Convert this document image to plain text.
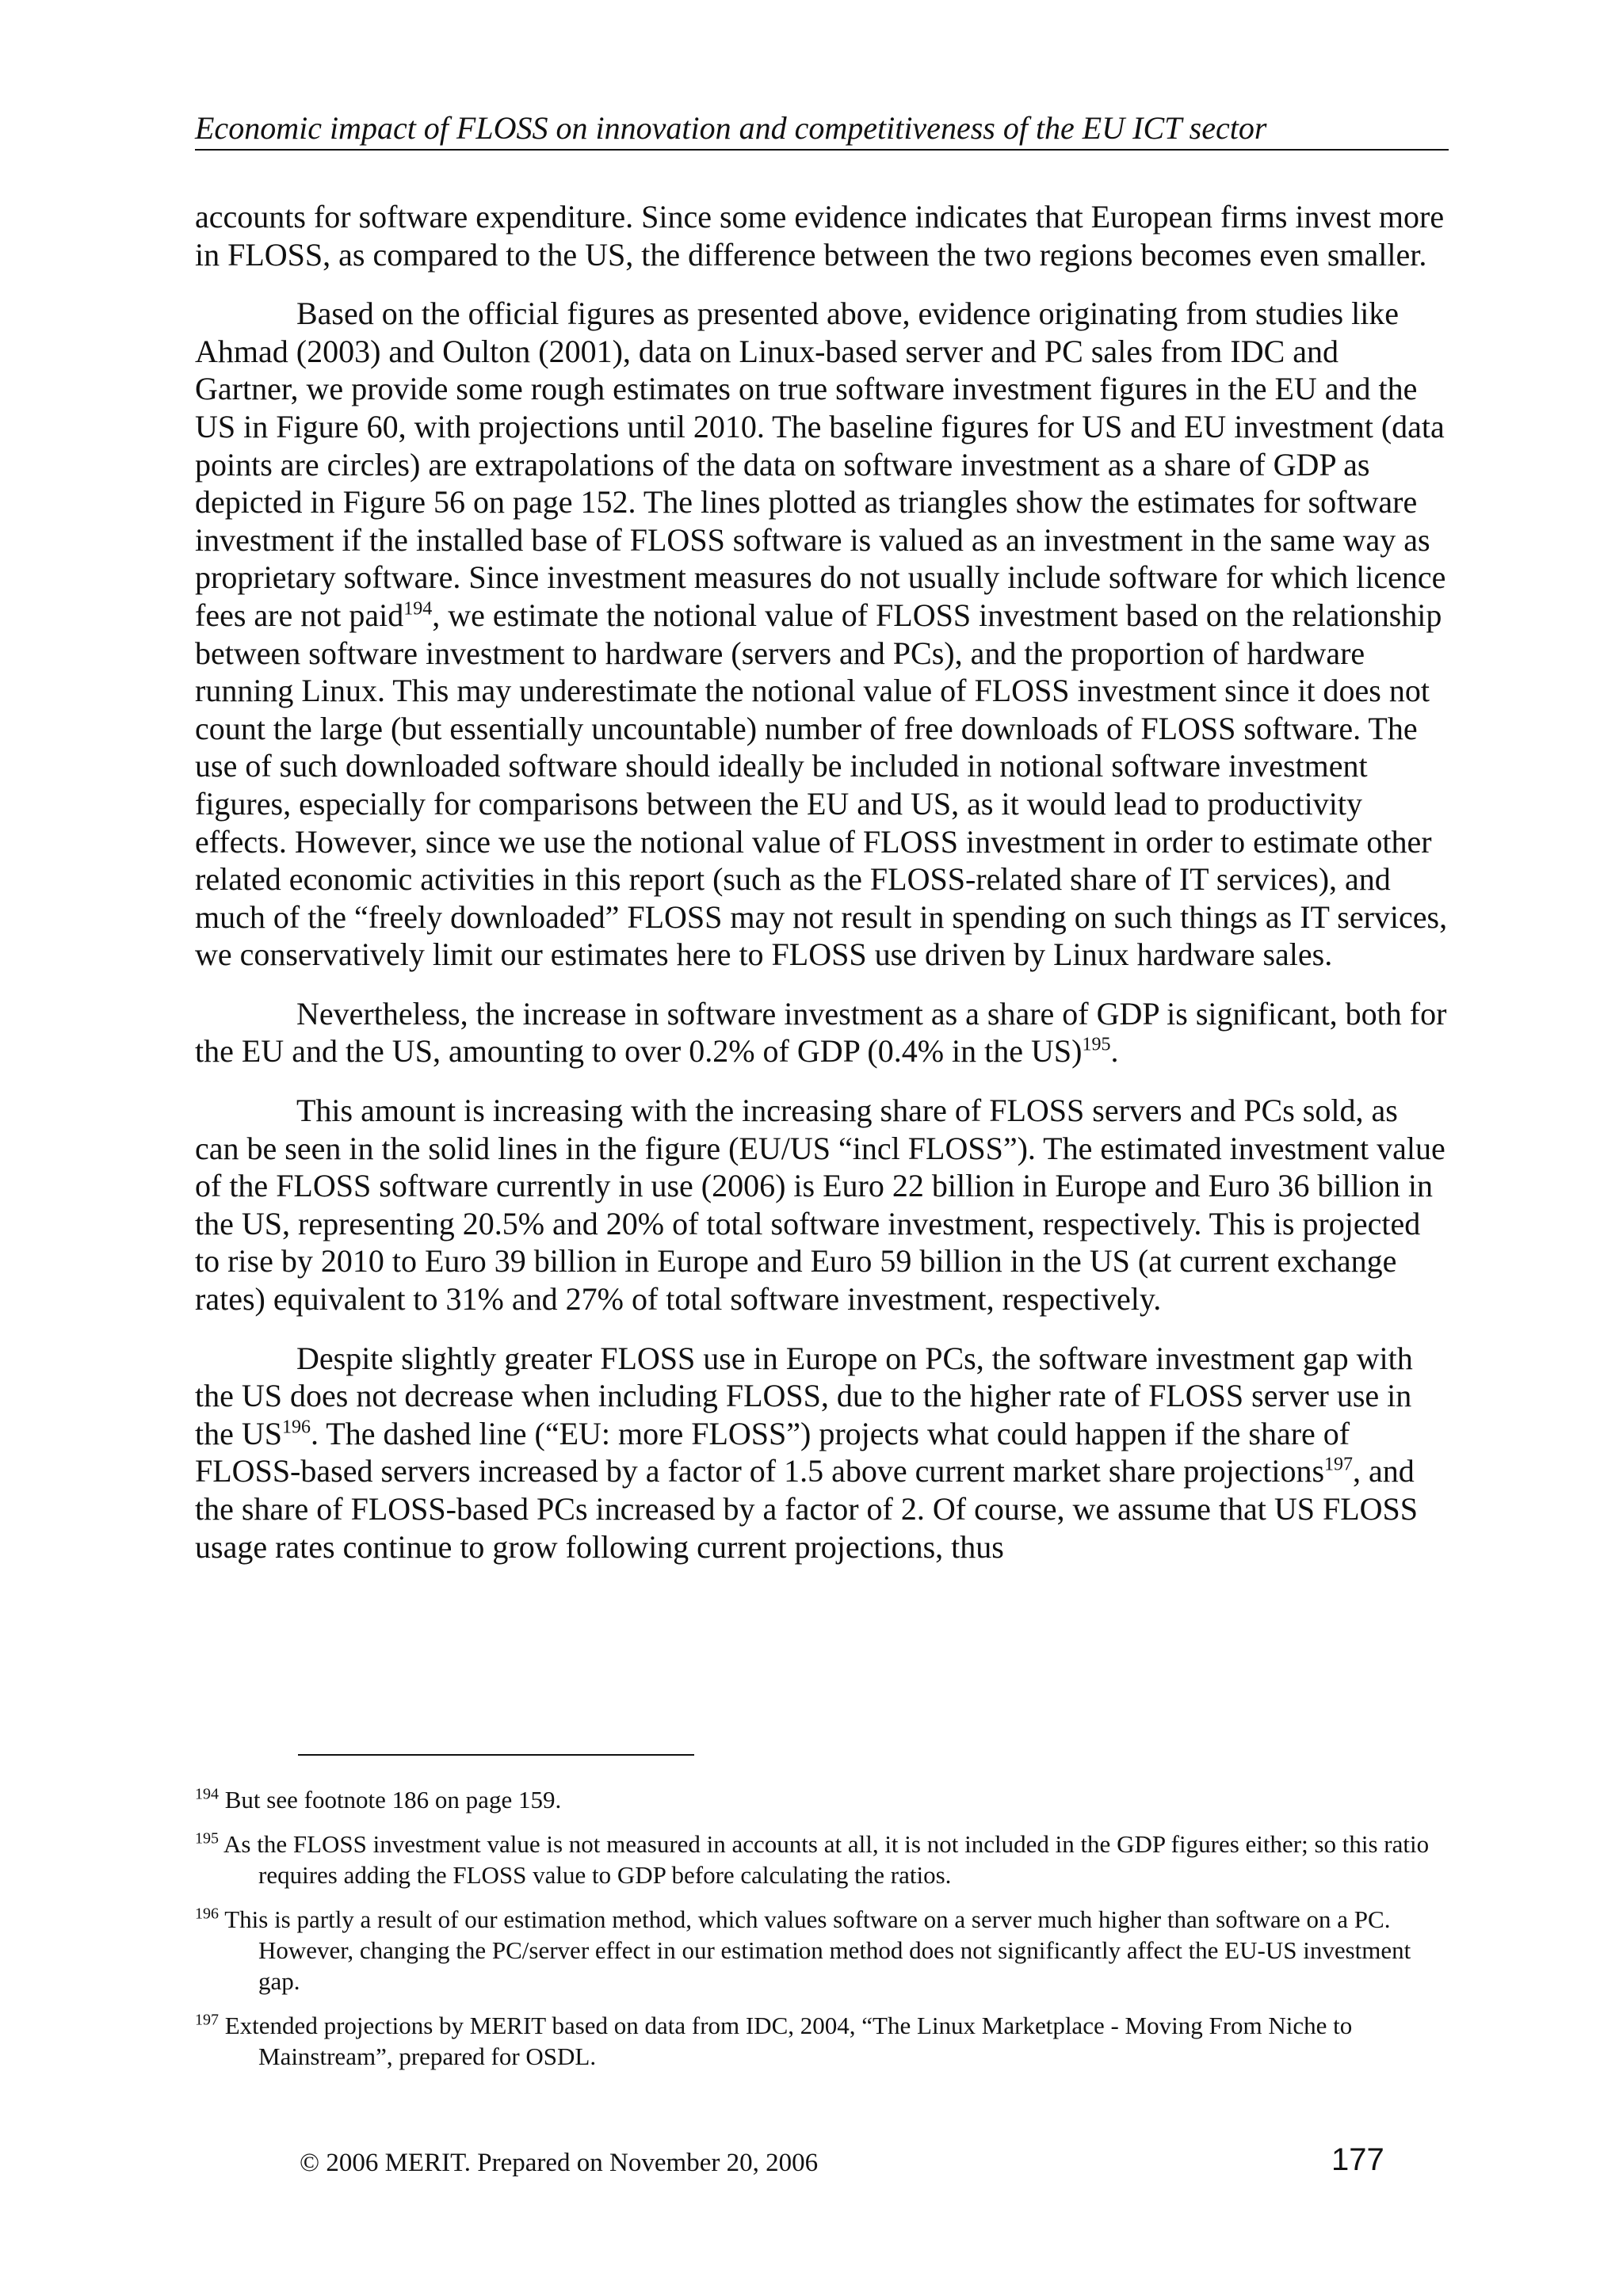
Economic impact of FLOSS on innovation and competitiveness of the EU ICT sector

accounts for software expenditure. Since some evidence indicates that European firms invest more in FLOSS, as compared to the US, the difference between the two regions becomes even smaller.

Based on the official figures as presented above, evidence originating from studies like Ahmad (2003) and Oulton (2001), data on Linux-based server and PC sales from IDC and Gartner, we provide some rough estimates on true software investment figures in the EU and the US in Figure 60, with projections until 2010. The baseline figures for US and EU investment (data points are circles) are extrapolations of the data on software investment as a share of GDP as depicted in Figure 56 on page 152. The lines plotted as triangles show the estimates for software investment if the installed base of FLOSS software is valued as an investment in the same way as proprietary software. Since investment measures do not usually include software for which licence fees are not paid$^{194}$, we estimate the notional value of FLOSS investment based on the relationship between software investment to hardware (servers and PCs), and the proportion of hardware running Linux. This may underestimate the notional value of FLOSS investment since it does not count the large (but essentially uncountable) number of free downloads of FLOSS software. The use of such downloaded software should ideally be included in notional software investment figures, especially for comparisons between the EU and US, as it would lead to productivity effects. However, since we use the notional value of FLOSS investment in order to estimate other related economic activities in this report (such as the FLOSS-related share of IT services), and much of the “freely downloaded” FLOSS may not result in spending on such things as IT services, we conservatively limit our estimates here to FLOSS use driven by Linux hardware sales.

Nevertheless, the increase in software investment as a share of GDP is significant, both for the EU and the US, amounting to over 0.2% of GDP (0.4% in the US)$^{195}$.

This amount is increasing with the increasing share of FLOSS servers and PCs sold, as can be seen in the solid lines in the figure (EU/US “incl FLOSS”). The estimated investment value of the FLOSS software currently in use (2006) is Euro 22 billion in Europe and Euro 36 billion in the US, representing 20.5% and 20% of total software investment, respectively. This is projected to rise by 2010 to Euro 39 billion in Europe and Euro 59 billion in the US (at current exchange rates) equivalent to 31% and 27% of total software investment, respectively.

Despite slightly greater FLOSS use in Europe on PCs, the software investment gap with the US does not decrease when including FLOSS, due to the higher rate of FLOSS server use in the US$^{196}$. The dashed line (“EU: more FLOSS”) projects what could happen if the share of FLOSS-based servers increased by a factor of 1.5 above current market share projections$^{197}$, and the share of FLOSS-based PCs increased by a factor of 2. Of course, we assume that US FLOSS usage rates continue to grow following current projections, thus

$^{194}$ But see footnote 186 on page 159.
$^{195}$ As the FLOSS investment value is not measured in accounts at all, it is not included in the GDP figures either; so this ratio requires adding the FLOSS value to GDP before calculating the ratios.
$^{196}$ This is partly a result of our estimation method, which values software on a server much higher than software on a PC. However, changing the PC/server effect in our estimation method does not significantly affect the EU-US investment gap.
$^{197}$ Extended projections by MERIT based on data from IDC, 2004, “The Linux Marketplace - Moving From Niche to Mainstream”, prepared for OSDL.
© 2006 MERIT. Prepared on November 20, 2006	177
